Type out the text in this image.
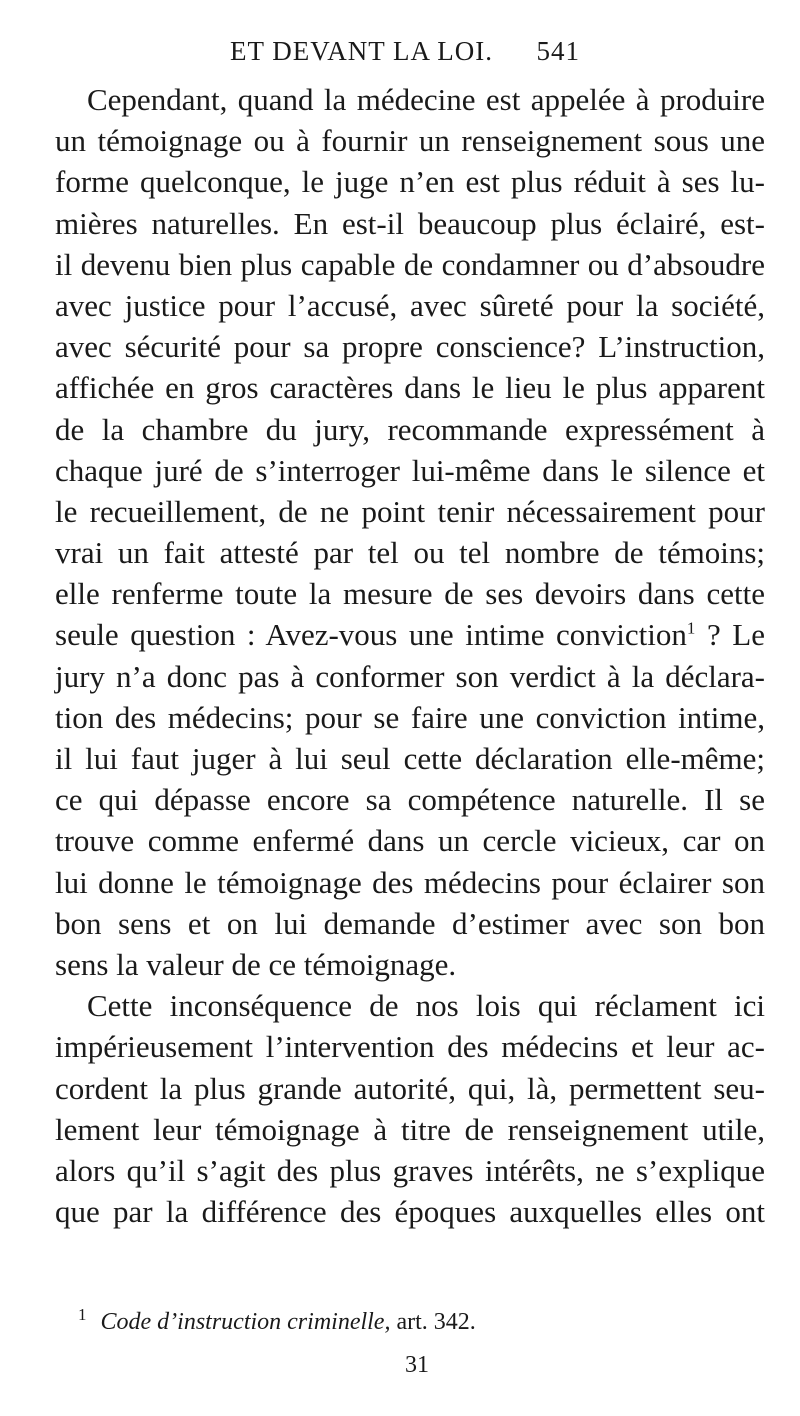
ET DEVANT LA LOI. 541
Cependant, quand la médecine est appelée à produire
un témoignage ou à fournir un renseignement sous une
forme quelconque, le juge n’en est plus réduit à ses lu-
mières naturelles. En est-il beaucoup plus éclairé, est-
il devenu bien plus capable de condamner ou d’absoudre
avec justice pour l’accusé, avec sûreté pour la société,
avec sécurité pour sa propre conscience? L’instruction,
affichée en gros caractères dans le lieu le plus apparent
de la chambre du jury, recommande expressément à
chaque juré de s’interroger lui-même dans le silence et
le recueillement, de ne point tenir nécessairement pour
vrai un fait attesté par tel ou tel nombre de témoins;
elle renferme toute la mesure de ses devoirs dans cette
seule question : Avez-vous une intime conviction$^1$ ? Le
jury n’a donc pas à conformer son verdict à la déclara-
tion des médecins; pour se faire une conviction intime,
il lui faut juger à lui seul cette déclaration elle-même;
ce qui dépasse encore sa compétence naturelle. Il se
trouve comme enfermé dans un cercle vicieux, car on
lui donne le témoignage des médecins pour éclairer son
bon sens et on lui demande d’estimer avec son bon
sens la valeur de ce témoignage.
Cette inconséquence de nos lois qui réclament ici
impérieusement l’intervention des médecins et leur ac-
cordent la plus grande autorité, qui, là, permettent seu-
lement leur témoignage à titre de renseignement utile,
alors qu’il s’agit des plus graves intérêts, ne s’explique
que par la différence des époques auxquelles elles ont
$^1$ Code d’instruction criminelle, art. 342.
31
